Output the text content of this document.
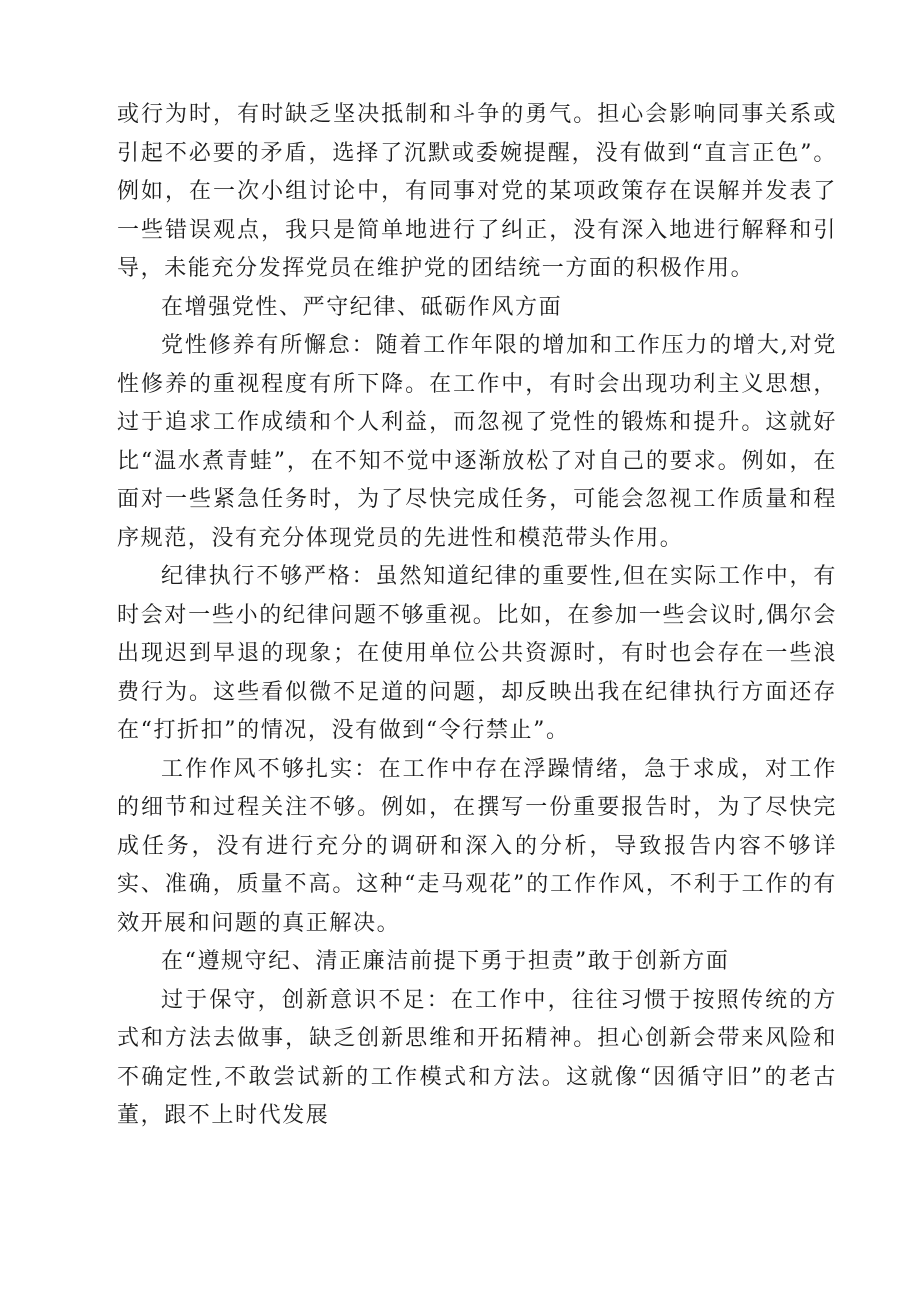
或行为时，有时缺乏坚决抵制和斗争的勇气。担心会影响同事关系或引起不必要的矛盾，选择了沉默或委婉提醒，没有做到“直言正色”。例如，在一次小组讨论中，有同事对党的某项政策存在误解并发表了一些错误观点，我只是简单地进行了纠正，没有深入地进行解释和引导，未能充分发挥党员在维护党的团结统一方面的积极作用。

在增强党性、严守纪律、砥砺作风方面

党性修养有所懈怠：随着工作年限的增加和工作压力的增大,对党性修养的重视程度有所下降。在工作中，有时会出现功利主义思想，过于追求工作成绩和个人利益，而忽视了党性的锻炼和提升。这就好比“温水煮青蛙”，在不知不觉中逐渐放松了对自己的要求。例如，在面对一些紧急任务时，为了尽快完成任务，可能会忽视工作质量和程序规范，没有充分体现党员的先进性和模范带头作用。

纪律执行不够严格：虽然知道纪律的重要性,但在实际工作中，有时会对一些小的纪律问题不够重视。比如，在参加一些会议时,偶尔会出现迟到早退的现象；在使用单位公共资源时，有时也会存在一些浪费行为。这些看似微不足道的问题，却反映出我在纪律执行方面还存在“打折扣”的情况，没有做到“令行禁止”。

工作作风不够扎实：在工作中存在浮躁情绪，急于求成，对工作的细节和过程关注不够。例如，在撰写一份重要报告时，为了尽快完成任务，没有进行充分的调研和深入的分析，导致报告内容不够详实、准确，质量不高。这种“走马观花”的工作作风，不利于工作的有效开展和问题的真正解决。

在“遵规守纪、清正廉洁前提下勇于担责”敢于创新方面

过于保守，创新意识不足：在工作中，往往习惯于按照传统的方式和方法去做事，缺乏创新思维和开拓精神。担心创新会带来风险和不确定性,不敢尝试新的工作模式和方法。这就像“因循守旧”的老古董，跟不上时代发展
